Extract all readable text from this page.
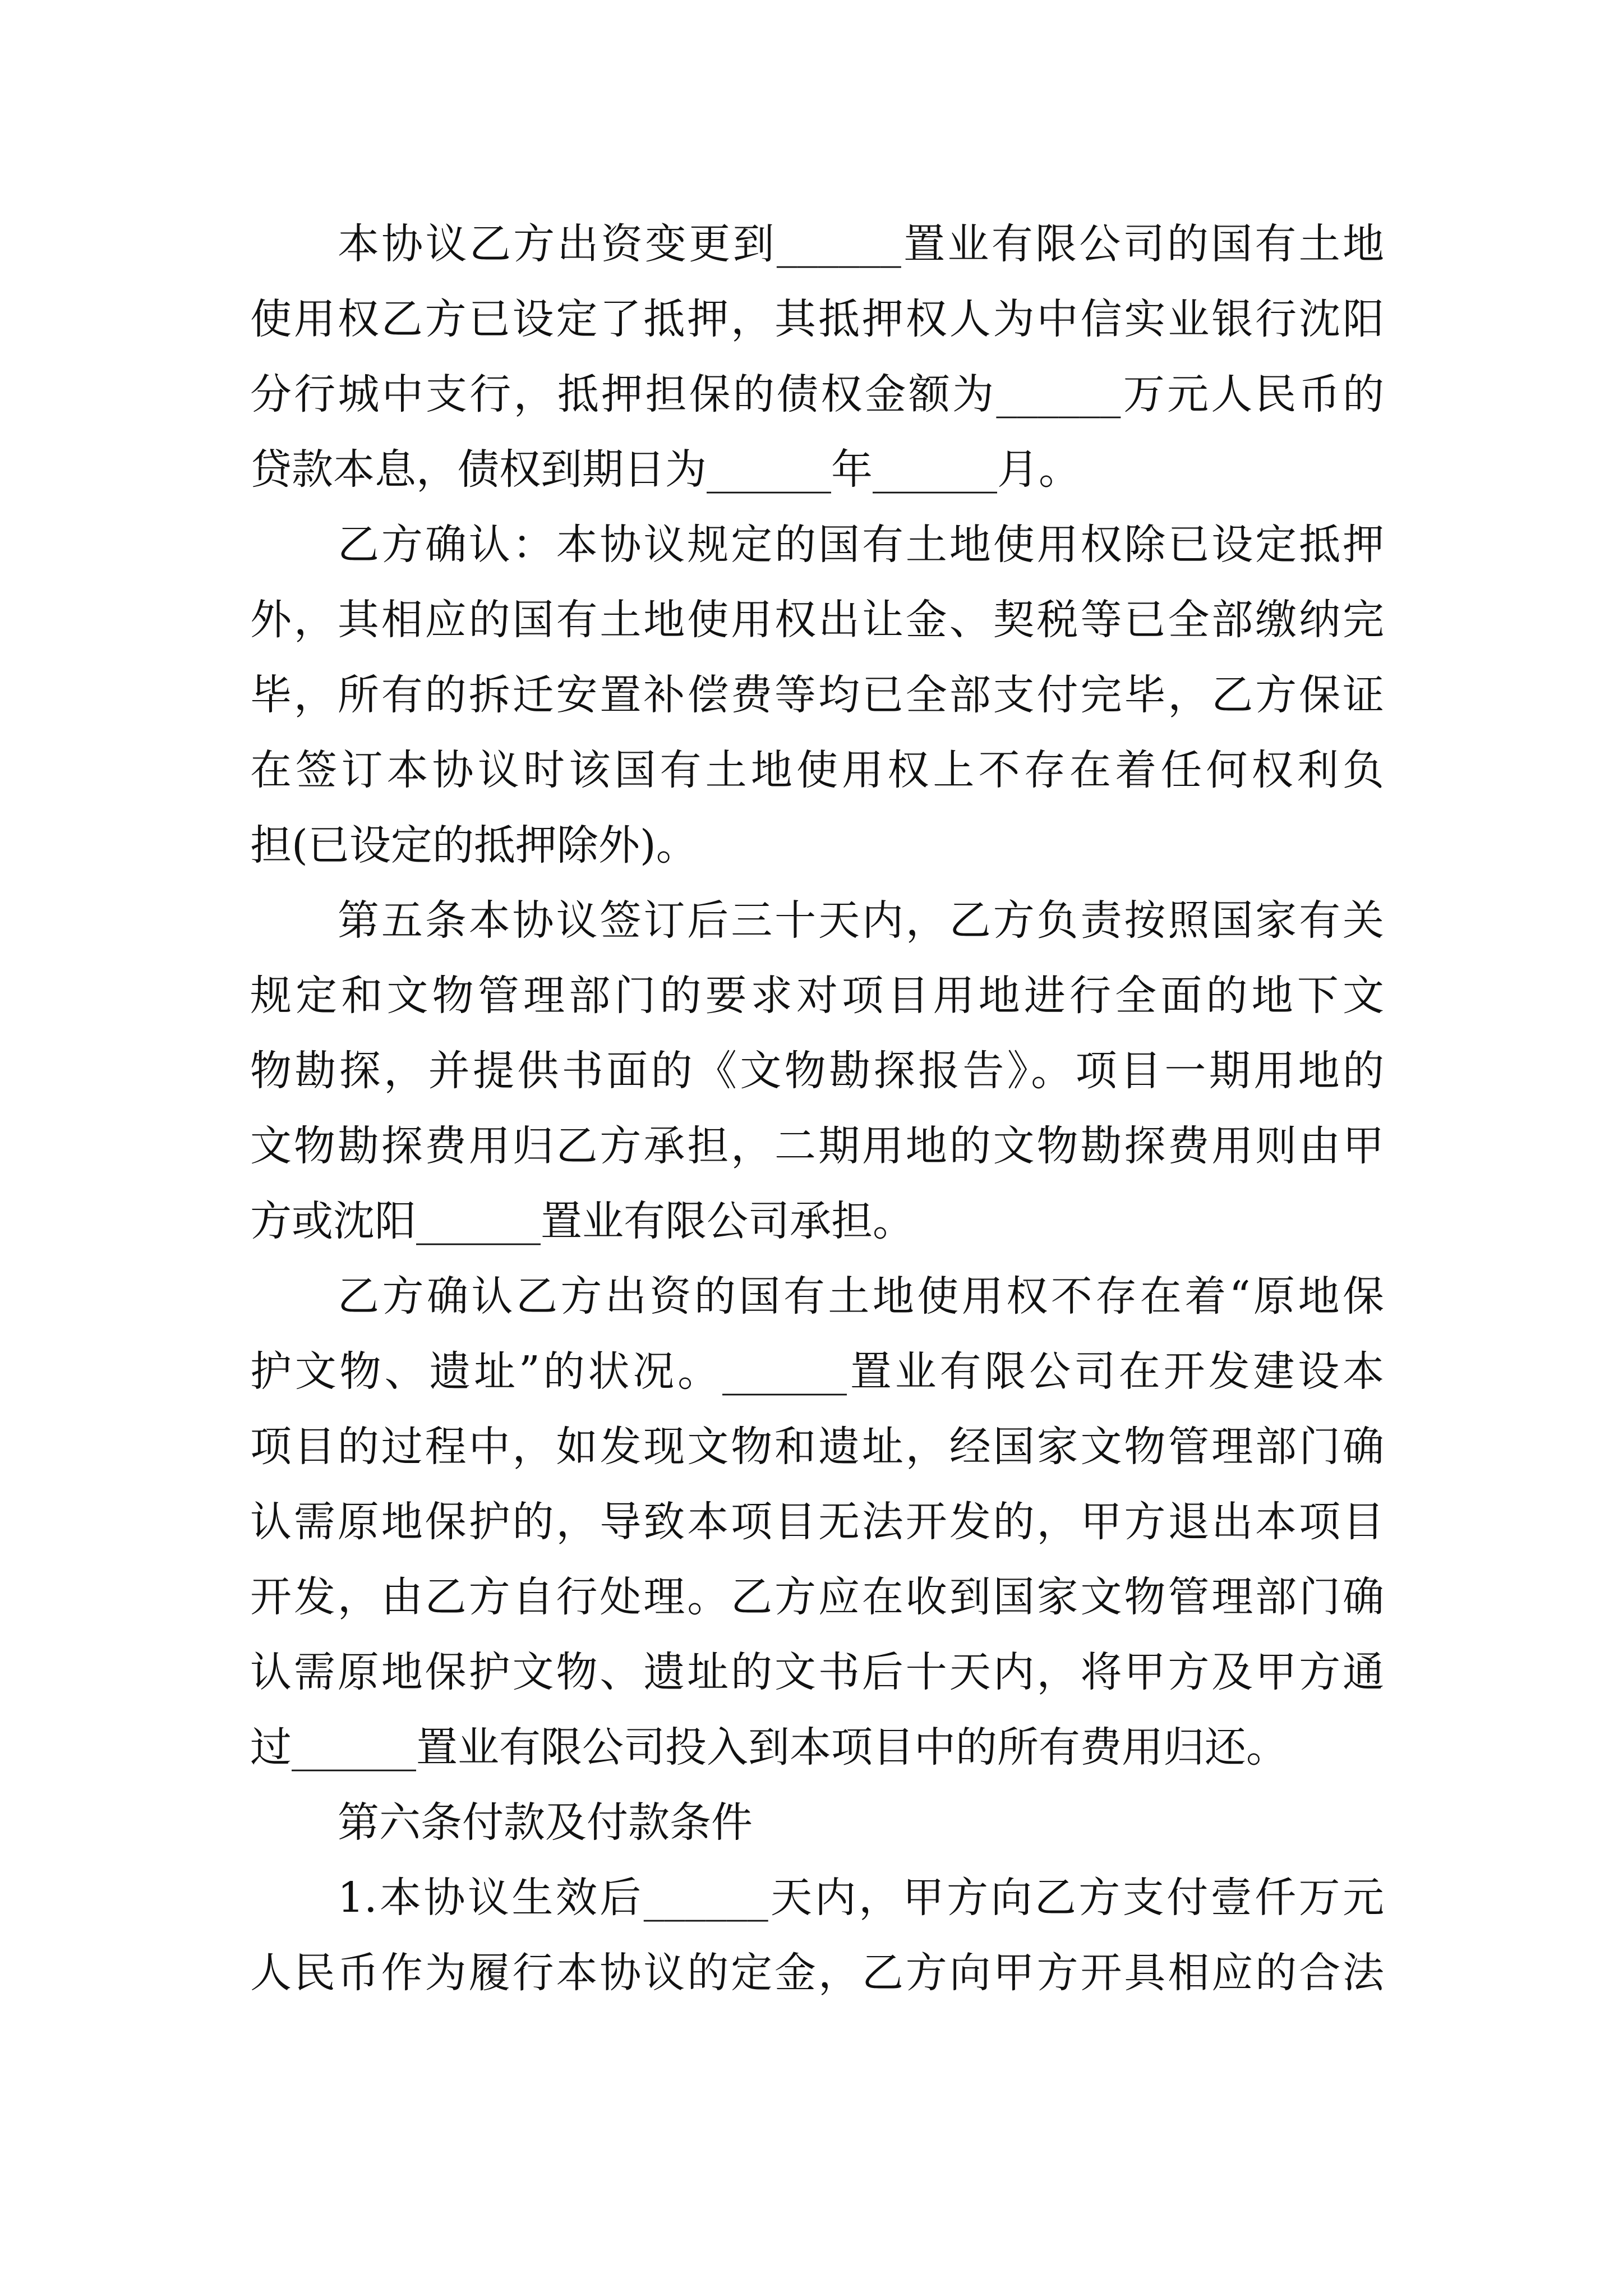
本协议乙方出资变更到______置业有限公司的国有土地
使用权乙方已设定了抵押，其抵押权人为中信实业银行沈阳
分行城中支行，抵押担保的债权金额为______万元人民币的
贷款本息，债权到期日为______年______月。
乙方确认：本协议规定的国有土地使用权除已设定抵押
外，其相应的国有土地使用权出让金、契税等已全部缴纳完
毕，所有的拆迁安置补偿费等均已全部支付完毕，乙方保证
在签订本协议时该国有土地使用权上不存在着任何权利负
担(已设定的抵押除外)。
第五条本协议签订后三十天内，乙方负责按照国家有关
规定和文物管理部门的要求对项目用地进行全面的地下文
物勘探，并提供书面的《文物勘探报告》。项目一期用地的
文物勘探费用归乙方承担，二期用地的文物勘探费用则由甲
方或沈阳______置业有限公司承担。
乙方确认乙方出资的国有土地使用权不存在着“原地保
护文物、遗址”的状况。______置业有限公司在开发建设本
项目的过程中，如发现文物和遗址，经国家文物管理部门确
认需原地保护的，导致本项目无法开发的，甲方退出本项目
开发，由乙方自行处理。乙方应在收到国家文物管理部门确
认需原地保护文物、遗址的文书后十天内，将甲方及甲方通
过______置业有限公司投入到本项目中的所有费用归还。
第六条付款及付款条件
1.本协议生效后______天内，甲方向乙方支付壹仟万元
人民币作为履行本协议的定金，乙方向甲方开具相应的合法
